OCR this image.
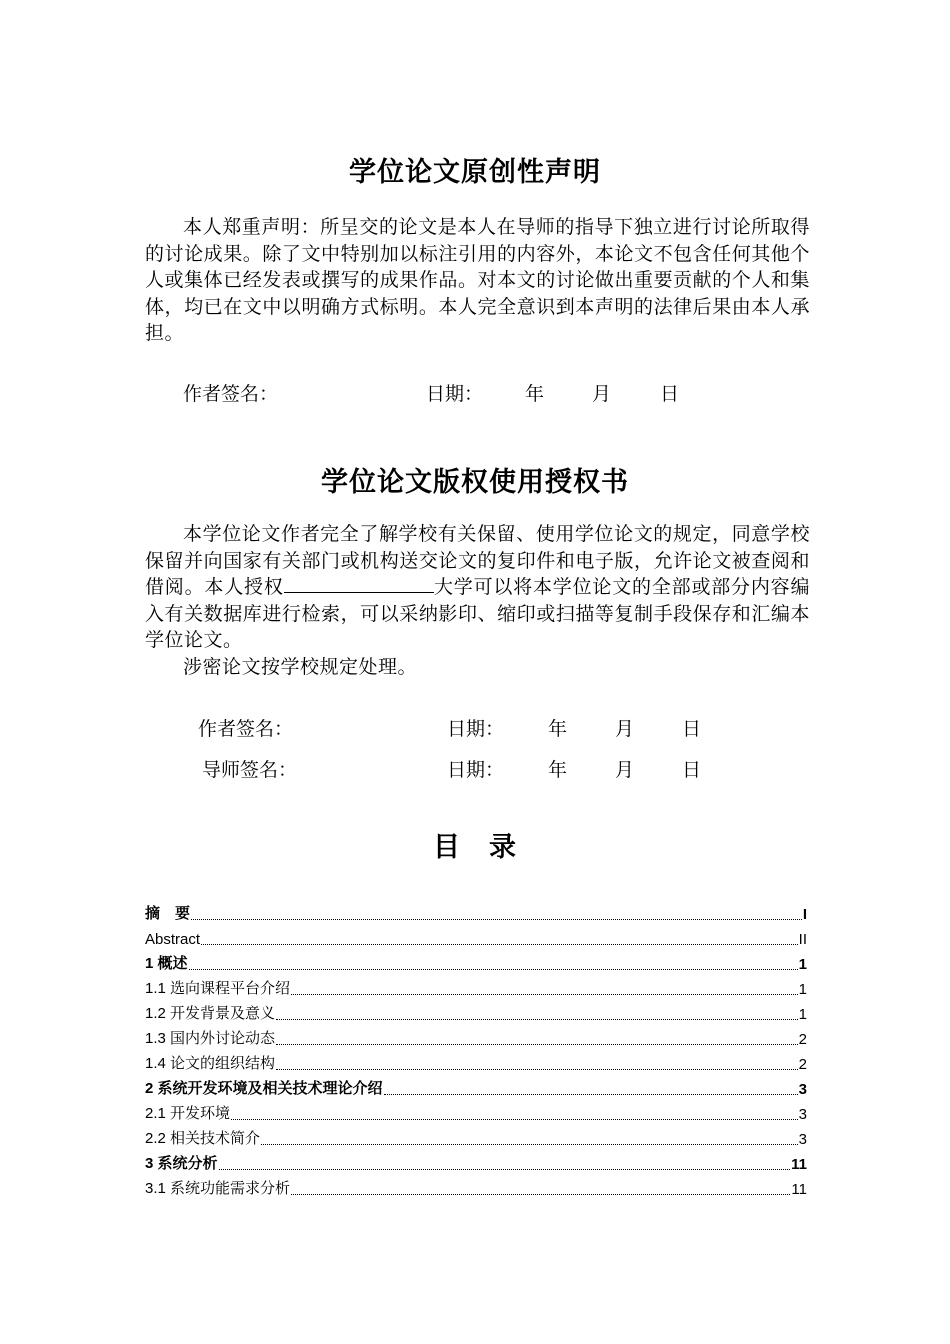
学位论文原创性声明

本人郑重声明：所呈交的论文是本人在导师的指导下独立进行讨论所取得的讨论成果。除了文中特别加以标注引用的内容外，本论文不包含任何其他个人或集体已经发表或撰写的成果作品。对本文的讨论做出重要贡献的个人和集体，均已在文中以明确方式标明。本人完全意识到本声明的法律后果由本人承担。

作者签名：	日期： 年	月	日
学位论文版权使用授权书

本学位论文作者完全了解学校有关保留、使用学位论文的规定，同意学校保留并向国家有关部门或机构送交论文的复印件和电子版，允许论文被查阅和借阅。本人授权	大学可以将本学位论文的全部或部分内容编入有关数据库进行检索，可以采纳影印、缩印或扫描等复制手段保存和汇编本学位论文。

涉密论文按学校规定处理。

作者签名：	日期： 年	月	日
导师签名：	日期： 年	月	日
目　录
摘　要	I
Abstract	II
1 概述	1
1.1 选向课程平台介绍	1
1.2 开发背景及意义	1
1.3 国内外讨论动态	2
1.4 论文的组织结构	2
2 系统开发环境及相关技术理论介绍	3
2.1 开发环境	3
2.2 相关技术简介	3
3 系统分析	11
3.1 系统功能需求分析	11
